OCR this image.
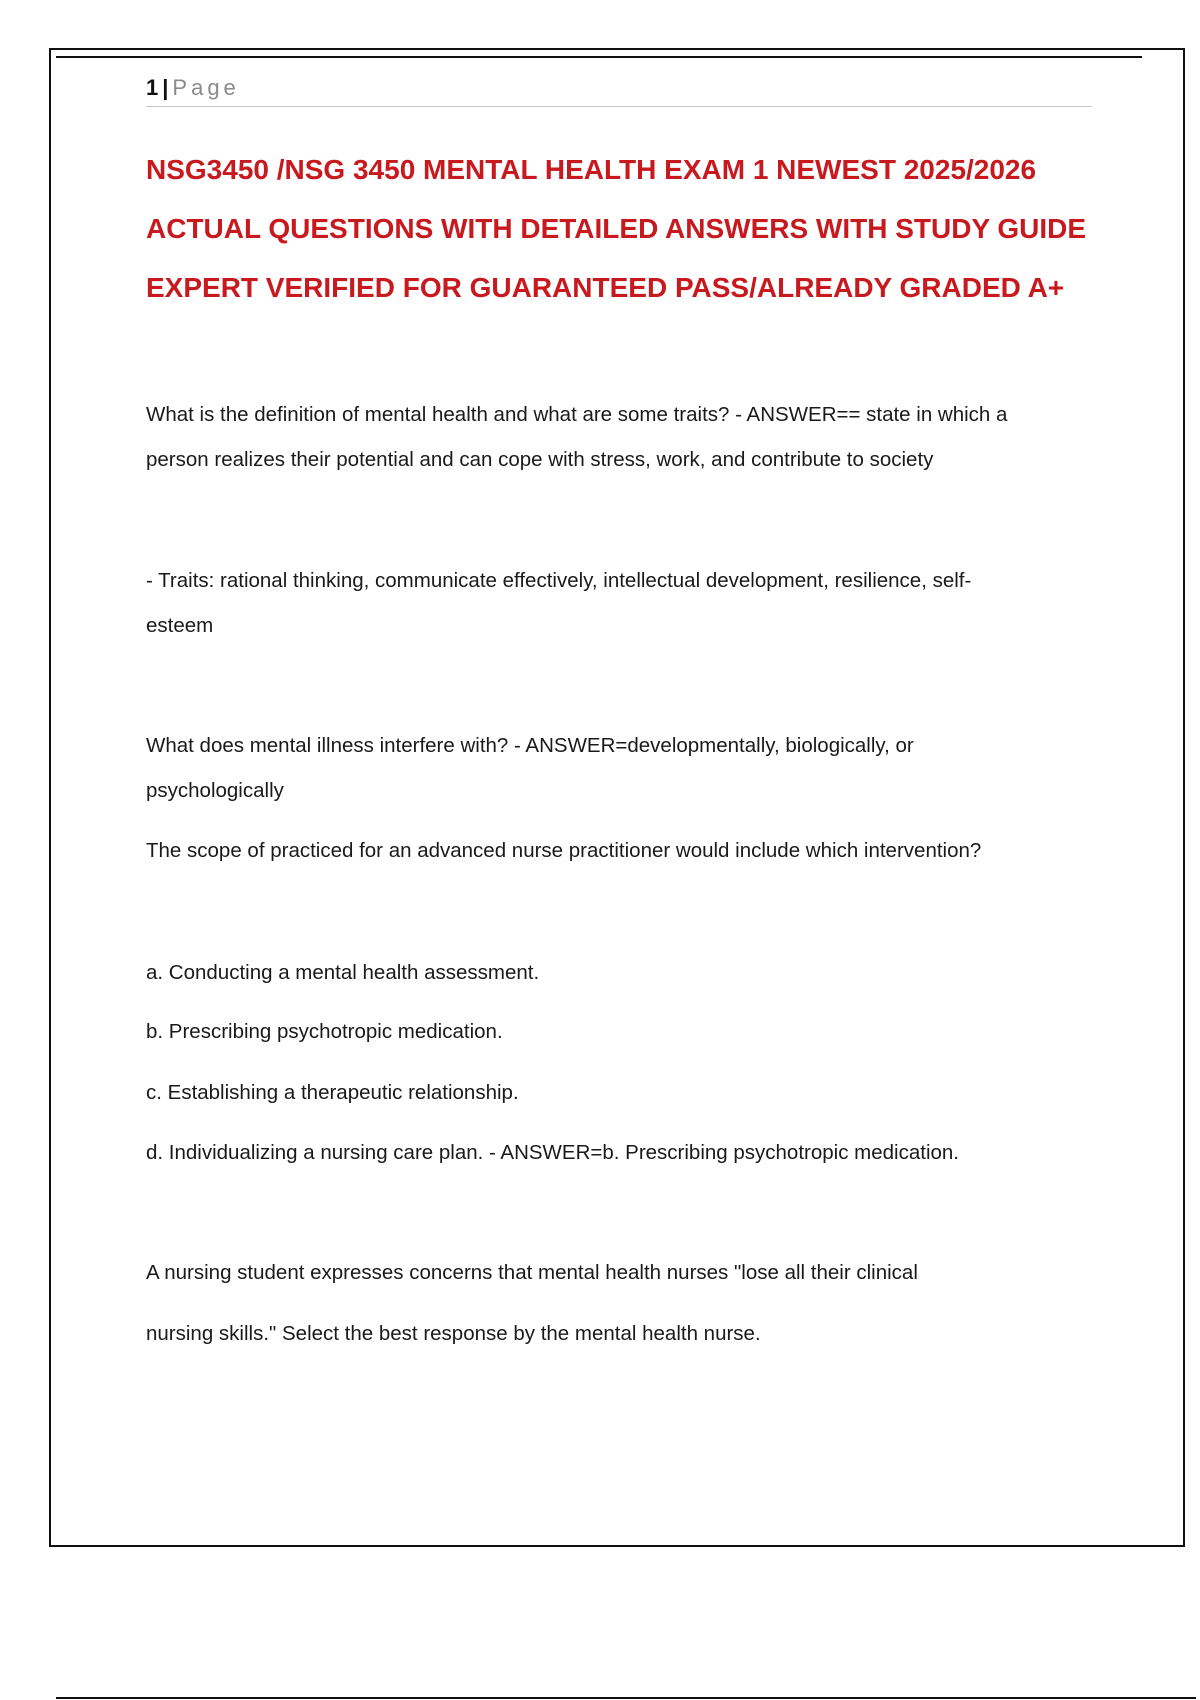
1 | Page
NSG3450 /NSG 3450 MENTAL HEALTH EXAM 1 NEWEST 2025/2026
ACTUAL QUESTIONS WITH DETAILED ANSWERS WITH STUDY GUIDE
EXPERT VERIFIED FOR GUARANTEED PASS/ALREADY GRADED A+

What is the definition of mental health and what are some traits? - ANSWER== state in which a
person realizes their potential and can cope with stress, work, and contribute to society

- Traits: rational thinking, communicate effectively, intellectual development, resilience, self-
esteem

What does mental illness interfere with? - ANSWER=developmentally, biologically, or
psychologically

The scope of practiced for an advanced nurse practitioner would include which intervention?

a. Conducting a mental health assessment.
b. Prescribing psychotropic medication.
c. Establishing a therapeutic relationship.
d. Individualizing a nursing care plan. - ANSWER=b. Prescribing psychotropic medication.

A nursing student expresses concerns that mental health nurses "lose all their clinical
nursing skills." Select the best response by the mental health nurse.
